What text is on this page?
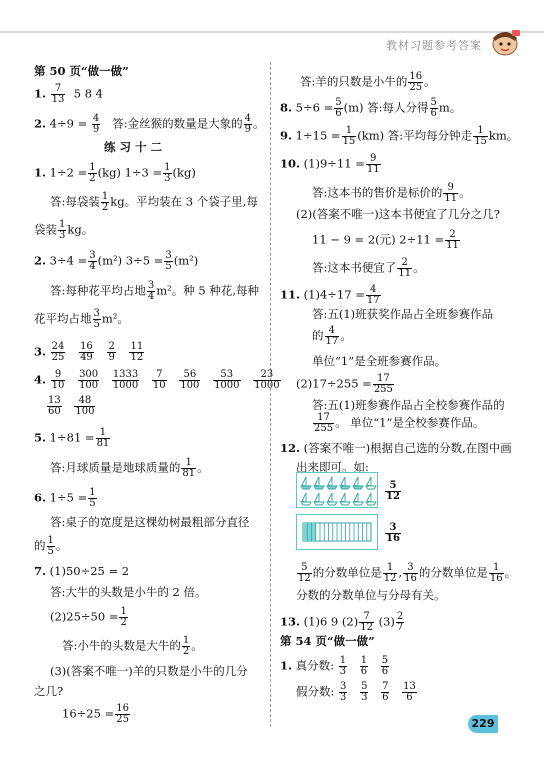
教材习题参考答案
第 50 页“做一做”
1. $\frac{7}{13} 5$ 8 4
2. $4\div 9 = \frac{4}{9}$ 答:金丝猴的数量是大象的 $\frac{4}{9}$ 。
练 习 十 二
1. $1\div 2 = \frac{1}{2} (kg) 1\div 3 = \frac{1}{3} (kg)$
答:每袋装 $\frac{1}{2}$ kg。平均装在 3 个袋子里,每
袋装 $\frac{1}{3}$ kg。
2. $3\div 4 = \frac{3}{4} (m^2) 3\div 5 = \frac{3}{5} (m^2)$
答:每种花平均占地 $\frac{3}{4} m^2$。种 5 种花,每种
花平均占地 $\frac{3}{5} m^2$。
3. $\frac{24}{25}$
$\frac{16}{49}$
$\frac{2}{9}$
$\frac{11}{12}$
4. $\frac{9}{10}$
$\frac{300}{100}$
$\frac{1333}{1000}$
$\frac{7}{10}$
$\frac{56}{100}$
$\frac{53}{1000}$
$\frac{23}{1000}$
$\frac{13}{60}$
$\frac{48}{100}$
5. $1\div 81 = \frac{1}{81}$
答:月球质量是地球质量的 $\frac{1}{81}$ 。
6. $1\div 5 = \frac{1}{5}$
答:桌子的宽度是这棵幼树最粗部分直径
的 $\frac{1}{5}$ 。
7. (1)50÷25 = 2
答:大牛的头数是小牛的 2 倍。
$(2)25\div 50 = \frac{1}{2}$
答:小牛的头数是大牛的 $\frac{1}{2}$ 。
(3)(答案不唯一)羊的只数是小牛的几分
之几?
$16\div 25 = \frac{16}{25}$
答:羊的只数是小牛的 $\frac{16}{25}$ 。
8. $5\div 6 = \frac{5}{6} (m)$ 答:每人分得 $\frac{5}{6}$ m。
9. $1\div 15 = \frac{1}{15} (km)$ 答:平均每分钟走 $\frac{1}{15}$ km。
10. $(1)9\div 11 = \frac{9}{11}$
答:这本书的售价是标价的 $\frac{9}{11}$ 。
(2)(答案不唯一)这本书便宜了几分之几?
11 − 9 = 2(元) $2\div 11 = \frac{2}{11}$
答:这本书便宜了 $\frac{2}{11}$ 。
11. $(1)4\div 17 = \frac{4}{17}$
答:五(1)班获奖作品占全班参赛作品
的 $\frac{4}{17}$ 。
单位“1”是全班参赛作品。
$(2)17\div 255 = \frac{17}{255}$
答:五(1)班参赛作品占全校参赛作品的
$\frac{17}{255}$ 。 单位“1”是全校参赛作品。
12. (答案不唯一)根据自己选的分数,在图中画
出来即可。如:
$\frac{5}{12}$
$\frac{3}{16}$
$\frac{5}{12}$ 的分数单位是 $\frac{1}{12}$ , $\frac{3}{16}$ 的分数单位是 $\frac{1}{16}$ 。
分数的分数单位与分母有关。
13. (1)6 9 $(2) \frac{7}{12} (3) \frac{2}{7}$
第 54 页“做一做”
1. 真分数: $\frac{1}{3}$
$\frac{1}{6}$
$\frac{5}{6}$
假分数: $\frac{3}{3}$
$\frac{5}{3}$
$\frac{7}{6}$
$\frac{13}{6}$
229
